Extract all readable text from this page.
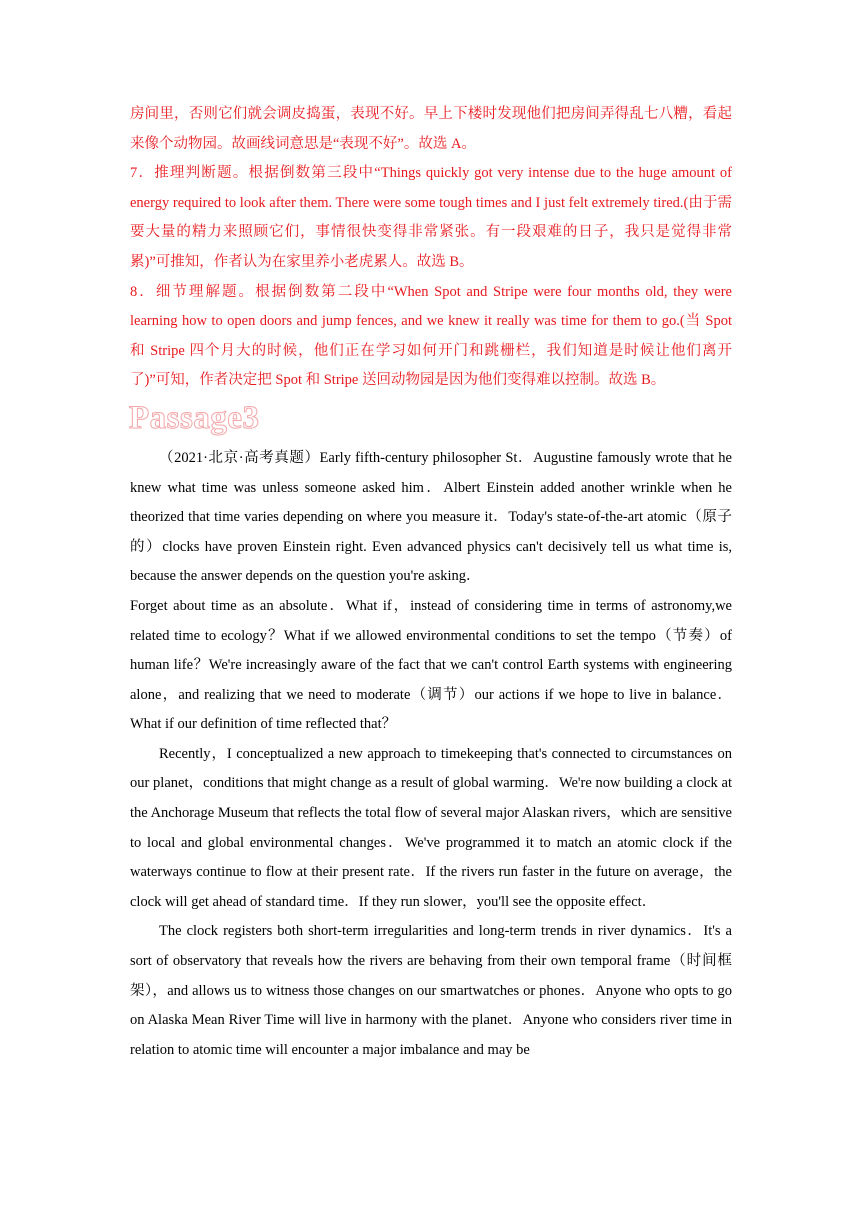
房间里，否则它们就会调皮捣蛋，表现不好。早上下楼时发现他们把房间弄得乱七八糟，看起来像个动物园。故画线词意思是“表现不好”。故选 A。

7．推理判断题。根据倒数第三段中“Things quickly got very intense due to the huge amount of energy required to look after them. There were some tough times and I just felt extremely tired.(由于需要大量的精力来照顾它们，事情很快变得非常紧张。有一段艰难的日子，我只是觉得非常累)”可推知，作者认为在家里养小老虎累人。故选 B。

8．细节理解题。根据倒数第二段中“When Spot and Stripe were four months old, they were learning how to open doors and jump fences, and we knew it really was time for them to go.(当 Spot 和 Stripe 四个月大的时候，他们正在学习如何开门和跳栅栏，我们知道是时候让他们离开了)”可知，作者决定把 Spot 和 Stripe 送回动物园是因为他们变得难以控制。故选 B。

Passage3

（2021·北京·高考真题）Early fifth-century philosopher St．Augustine famously wrote that he knew what time was unless someone asked him．Albert Einstein added another wrinkle when he theorized that time varies depending on where you measure it．Today's state-of-the-art atomic（原子的）clocks have proven Einstein right. Even advanced physics can't decisively tell us what time is, because the answer depends on the question you're asking．

Forget about time as an absolute．What if，instead of considering time in terms of astronomy,we related time to ecology？What if we allowed environmental conditions to set the tempo（节奏）of human life？We're increasingly aware of the fact that we can't control Earth systems with engineering alone，and realizing that we need to moderate（调节）our actions if we hope to live in balance．What if our definition of time reflected that？

Recently，I conceptualized a new approach to timekeeping that's connected to circumstances on our planet，conditions that might change as a result of global warming．We're now building a clock at the Anchorage Museum that reflects the total flow of several major Alaskan rivers，which are sensitive to local and global environmental changes．We've programmed it to match an atomic clock if the waterways continue to flow at their present rate．If the rivers run faster in the future on average，the clock will get ahead of standard time．If they run slower，you'll see the opposite effect．

The clock registers both short-term irregularities and long-term trends in river dynamics．It's a sort of observatory that reveals how the rivers are behaving from their own temporal frame（时间框架），and allows us to witness those changes on our smartwatches or phones．Anyone who opts to go on Alaska Mean River Time will live in harmony with the planet．Anyone who considers river time in relation to atomic time will encounter a major imbalance and may be
